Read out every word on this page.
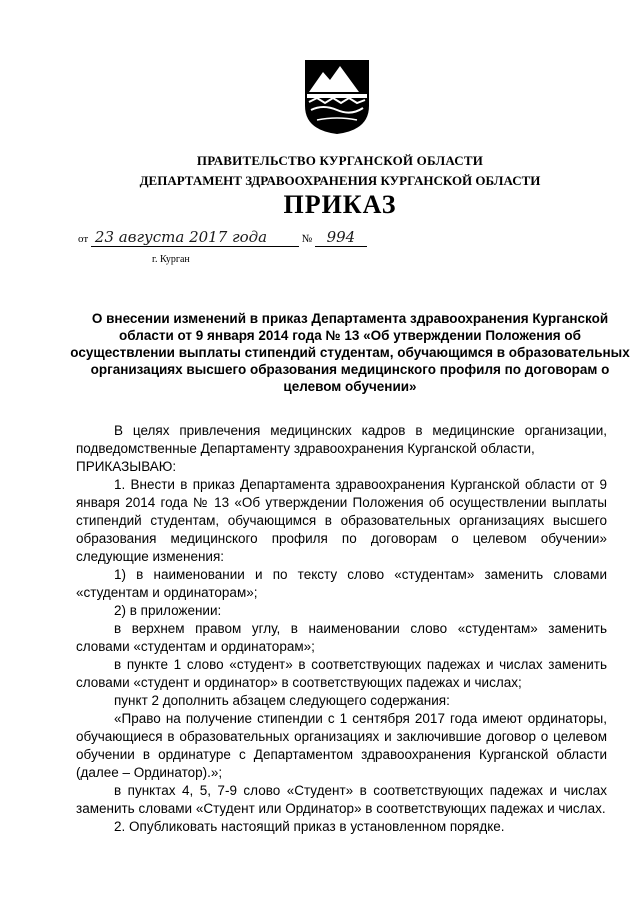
ПРАВИТЕЛЬСТВО КУРГАНСКОЙ ОБЛАСТИ
ДЕПАРТАМЕНТ ЗДРАВООХРАНЕНИЯ КУРГАНСКОЙ ОБЛАСТИ
ПРИКАЗ
от 23 августа 2017 года	№ 994
г. Курган
О внесении изменений в приказ Департамента здравоохранения Курганской области от 9 января 2014 года № 13 «Об утверждении Положения об осуществлении выплаты стипендий студентам, обучающимся в образовательных организациях высшего образования медицинского профиля по договорам о целевом обучении»

В целях привлечения медицинских кадров в медицинские организации, подведомственные Департаменту здравоохранения Курганской области,

ПРИКАЗЫВАЮ:

1. Внести в приказ Департамента здравоохранения Курганской области от 9 января 2014 года № 13 «Об утверждении Положения об осуществлении выплаты стипендий студентам, обучающимся в образовательных организациях высшего образования медицинского профиля по договорам о целевом обучении» следующие изменения:

1) в наименовании и по тексту слово «студентам» заменить словами «студентам и ординаторам»;

2) в приложении:

в верхнем правом углу, в наименовании слово «студентам» заменить словами «студентам и ординаторам»;

в пункте 1 слово «студент» в соответствующих падежах и числах заменить словами «студент и ординатор» в соответствующих падежах и числах;

пункт 2 дополнить абзацем следующего содержания:

«Право на получение стипендии с 1 сентября 2017 года имеют ординаторы, обучающиеся в образовательных организациях и заключившие договор о целевом обучении в ординатуре с Департаментом здравоохранения Курганской области (далее – Ординатор).»;

в пунктах 4, 5, 7-9 слово «Студент» в соответствующих падежах и числах заменить словами «Студент или Ординатор» в соответствующих падежах и числах.

2. Опубликовать настоящий приказ в установленном порядке.
